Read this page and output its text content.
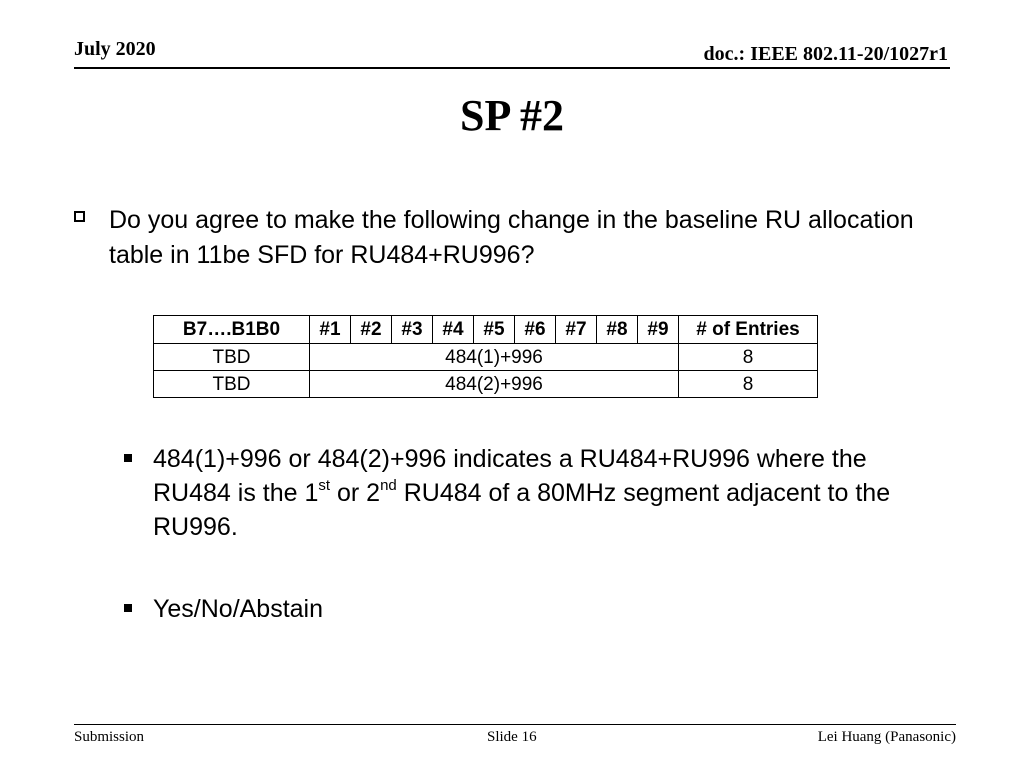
July 2020	doc.: IEEE 802.11-20/1027r1
SP #2
Do you agree to make the following change in the baseline RU allocation table in 11be SFD for RU484+RU996?
B7….B1B0	#1	#2	#3	#4	#5	#6	#7	#8	#9	# of Entries
TBD	484(1)+996									8
TBD	484(2)+996									8
484(1)+996 or 484(2)+996 indicates a RU484+RU996 where the RU484 is the 1st or 2nd RU484 of a 80MHz segment adjacent to the RU996.
Yes/No/Abstain
Submission	Slide 16	Lei Huang (Panasonic)
